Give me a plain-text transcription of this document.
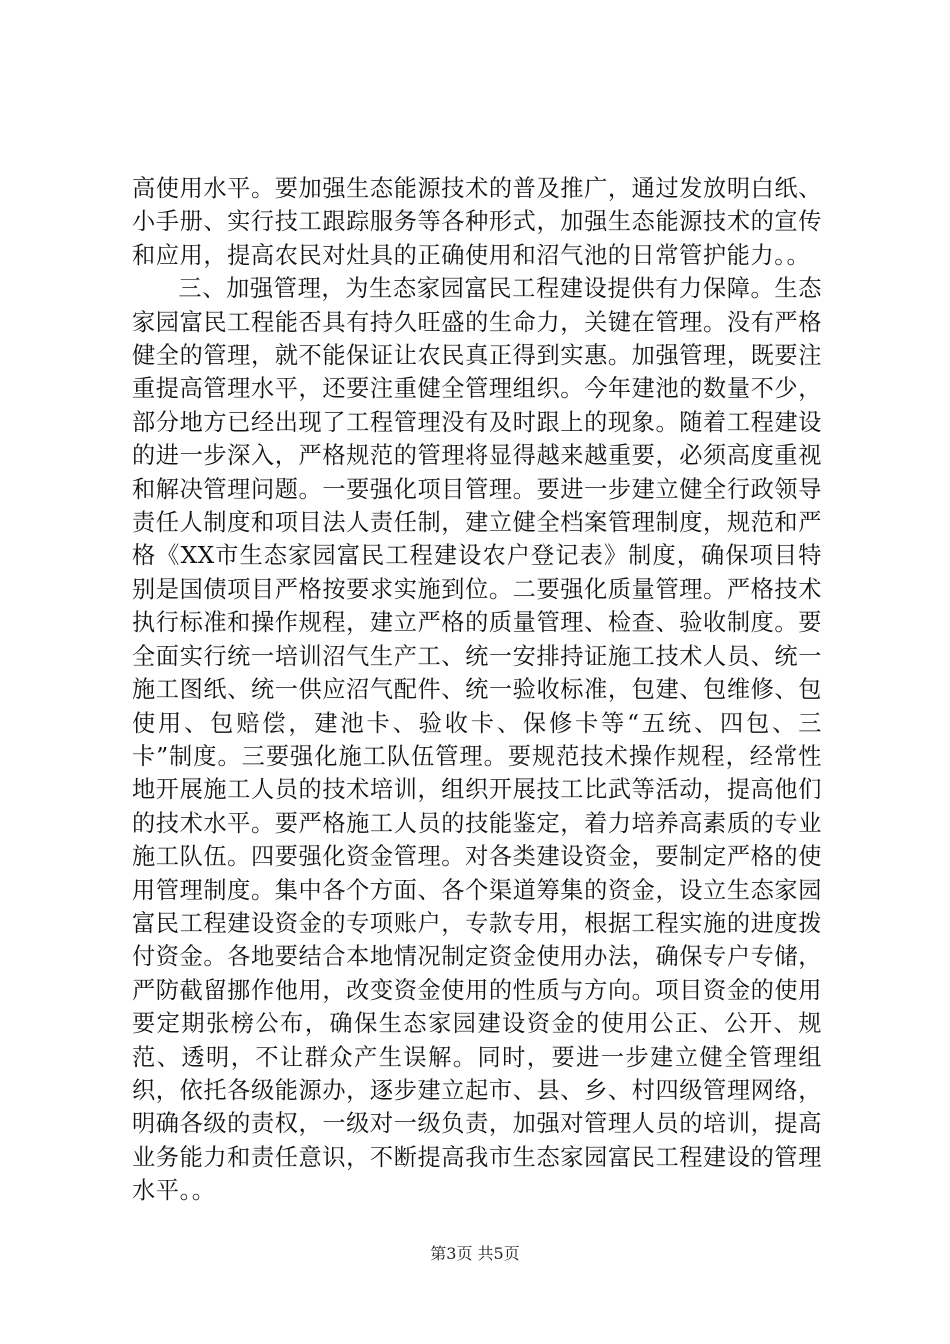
高使用水平。要加强生态能源技术的普及推广，通过发放明白纸、小手册、实行技工跟踪服务等各种形式，加强生态能源技术的宣传和应用，提高农民对灶具的正确使用和沼气池的日常管护能力。。

三、加强管理，为生态家园富民工程建设提供有力保障。生态家园富民工程能否具有持久旺盛的生命力，关键在管理。没有严格健全的管理，就不能保证让农民真正得到实惠。加强管理，既要注重提高管理水平，还要注重健全管理组织。今年建池的数量不少，部分地方已经出现了工程管理没有及时跟上的现象。随着工程建设的进一步深入，严格规范的管理将显得越来越重要，必须高度重视和解决管理问题。一要强化项目管理。要进一步建立健全行政领导责任人制度和项目法人责任制，建立健全档案管理制度，规范和严格《XX市生态家园富民工程建设农户登记表》制度，确保项目特别是国债项目严格按要求实施到位。二要强化质量管理。严格技术执行标准和操作规程，建立严格的质量管理、检查、验收制度。要全面实行统一培训沼气生产工、统一安排持证施工技术人员、统一施工图纸、统一供应沼气配件、统一验收标准，包建、包维修、包使用、包赔偿，建池卡、验收卡、保修卡等“五统、四包、三卡”制度。三要强化施工队伍管理。要规范技术操作规程，经常性地开展施工人员的技术培训，组织开展技工比武等活动，提高他们的技术水平。要严格施工人员的技能鉴定，着力培养高素质的专业施工队伍。四要强化资金管理。对各类建设资金，要制定严格的使用管理制度。集中各个方面、各个渠道筹集的资金，设立生态家园富民工程建设资金的专项账户，专款专用，根据工程实施的进度拨付资金。各地要结合本地情况制定资金使用办法，确保专户专储，严防截留挪作他用，改变资金使用的性质与方向。项目资金的使用要定期张榜公布，确保生态家园建设资金的使用公正、公开、规范、透明，不让群众产生误解。同时，要进一步建立健全管理组织，依托各级能源办，逐步建立起市、县、乡、村四级管理网络，明确各级的责权，一级对一级负责，加强对管理人员的培训，提高业务能力和责任意识，不断提高我市生态家园富民工程建设的管理水平。。

第3页 共5页
